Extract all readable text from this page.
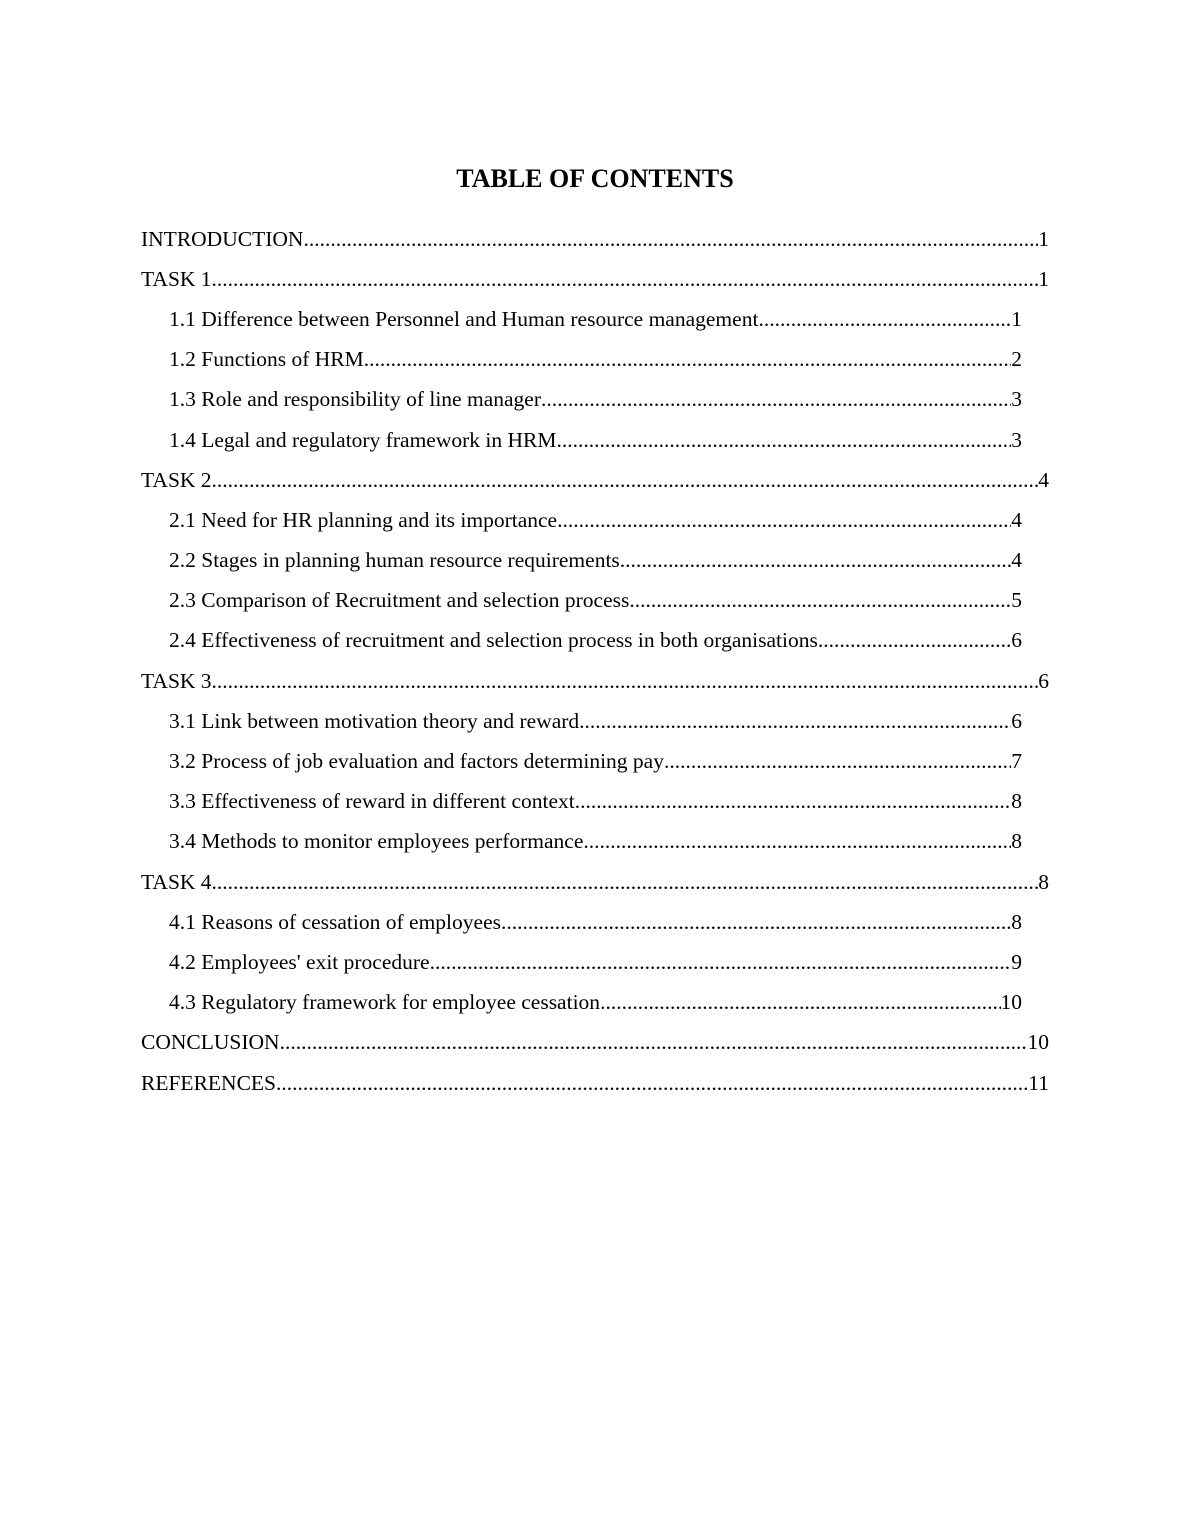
TABLE OF CONTENTS
INTRODUCTION .....	1
TASK 1 .....	1
1.1 Difference between Personnel and Human resource management .....	1
1.2 Functions of HRM .....	2
1.3 Role and responsibility of line manager .....	3
1.4 Legal and regulatory framework in HRM .....	3
TASK 2 .....	4
2.1 Need for HR planning and its importance .....	4
2.2 Stages in planning human resource requirements .....	4
2.3 Comparison of Recruitment and selection process .....	5
2.4 Effectiveness of recruitment and selection process in both organisations .....	6
TASK 3 .....	6
3.1 Link between motivation theory and reward .....	6
3.2 Process of job evaluation and factors determining pay .....	7
3.3 Effectiveness of reward in different context .....	8
3.4 Methods to monitor employees performance .....	8
TASK 4 .....	8
4.1 Reasons of cessation of employees .....	8
4.2 Employees' exit procedure .....	9
4.3 Regulatory framework for employee cessation .....	10
CONCLUSION .....	10
REFERENCES .....	11
